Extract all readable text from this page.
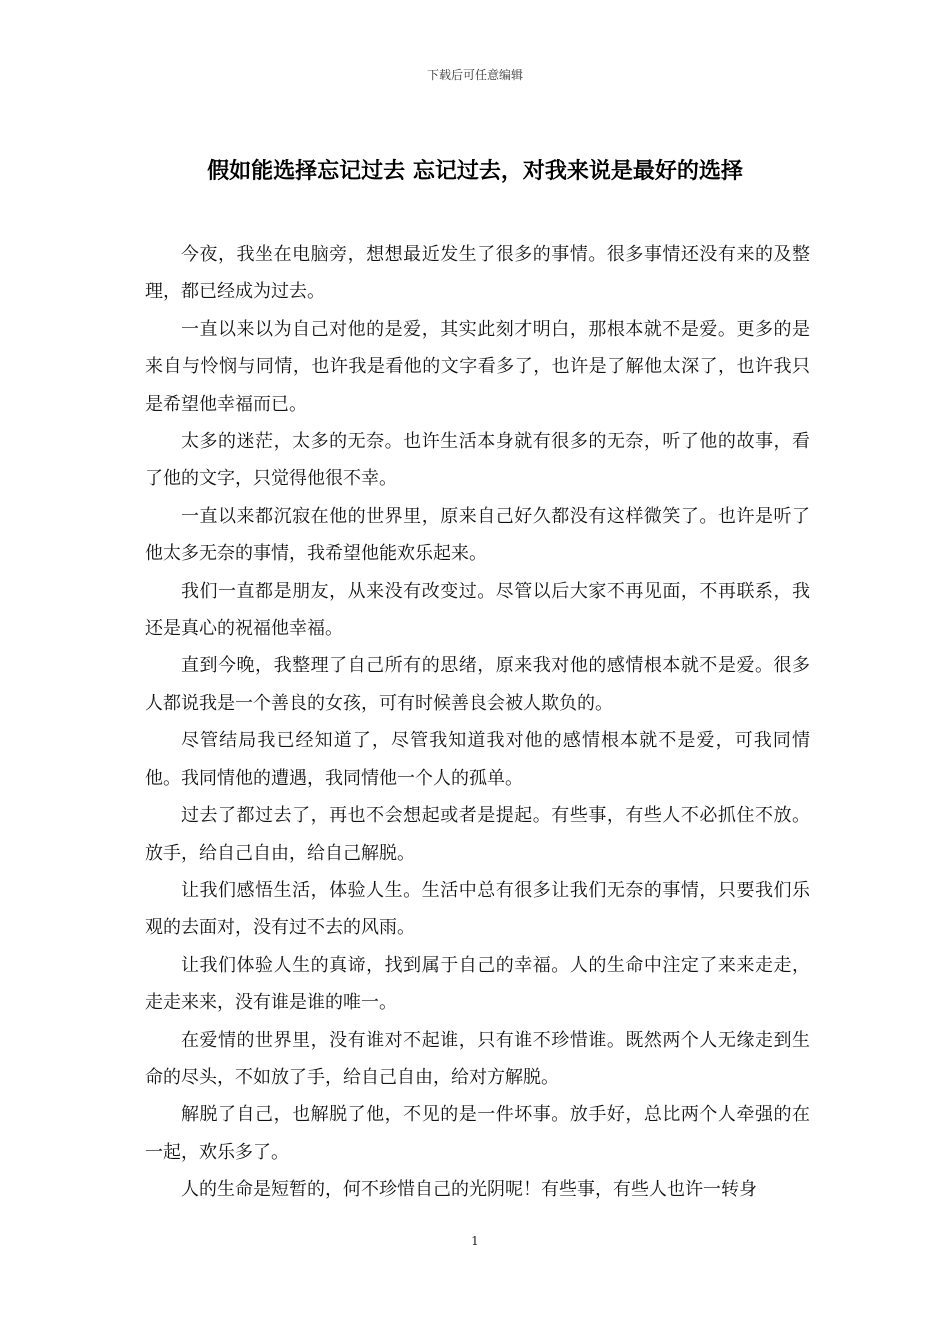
下载后可任意编辑
假如能选择忘记过去 忘记过去，对我来说是最好的选择

今夜，我坐在电脑旁，想想最近发生了很多的事情。很多事情还没有来的及整理，都已经成为过去。

一直以来以为自己对他的是爱，其实此刻才明白，那根本就不是爱。更多的是来自与怜悯与同情，也许我是看他的文字看多了，也许是了解他太深了，也许我只是希望他幸福而已。

太多的迷茫，太多的无奈。也许生活本身就有很多的无奈，听了他的故事，看了他的文字，只觉得他很不幸。

一直以来都沉寂在他的世界里，原来自己好久都没有这样微笑了。也许是听了他太多无奈的事情，我希望他能欢乐起来。

我们一直都是朋友，从来没有改变过。尽管以后大家不再见面，不再联系，我还是真心的祝福他幸福。

直到今晚，我整理了自己所有的思绪，原来我对他的感情根本就不是爱。很多人都说我是一个善良的女孩，可有时候善良会被人欺负的。

尽管结局我已经知道了，尽管我知道我对他的感情根本就不是爱，可我同情他。我同情他的遭遇，我同情他一个人的孤单。

过去了都过去了，再也不会想起或者是提起。有些事，有些人不必抓住不放。放手，给自己自由，给自己解脱。

让我们感悟生活，体验人生。生活中总有很多让我们无奈的事情，只要我们乐观的去面对，没有过不去的风雨。

让我们体验人生的真谛，找到属于自己的幸福。人的生命中注定了来来走走，走走来来，没有谁是谁的唯一。

在爱情的世界里，没有谁对不起谁，只有谁不珍惜谁。既然两个人无缘走到生命的尽头，不如放了手，给自己自由，给对方解脱。

解脱了自己，也解脱了他，不见的是一件坏事。放手好，总比两个人牵强的在一起，欢乐多了。

人的生命是短暂的，何不珍惜自己的光阴呢！有些事，有些人也许一转身

1
